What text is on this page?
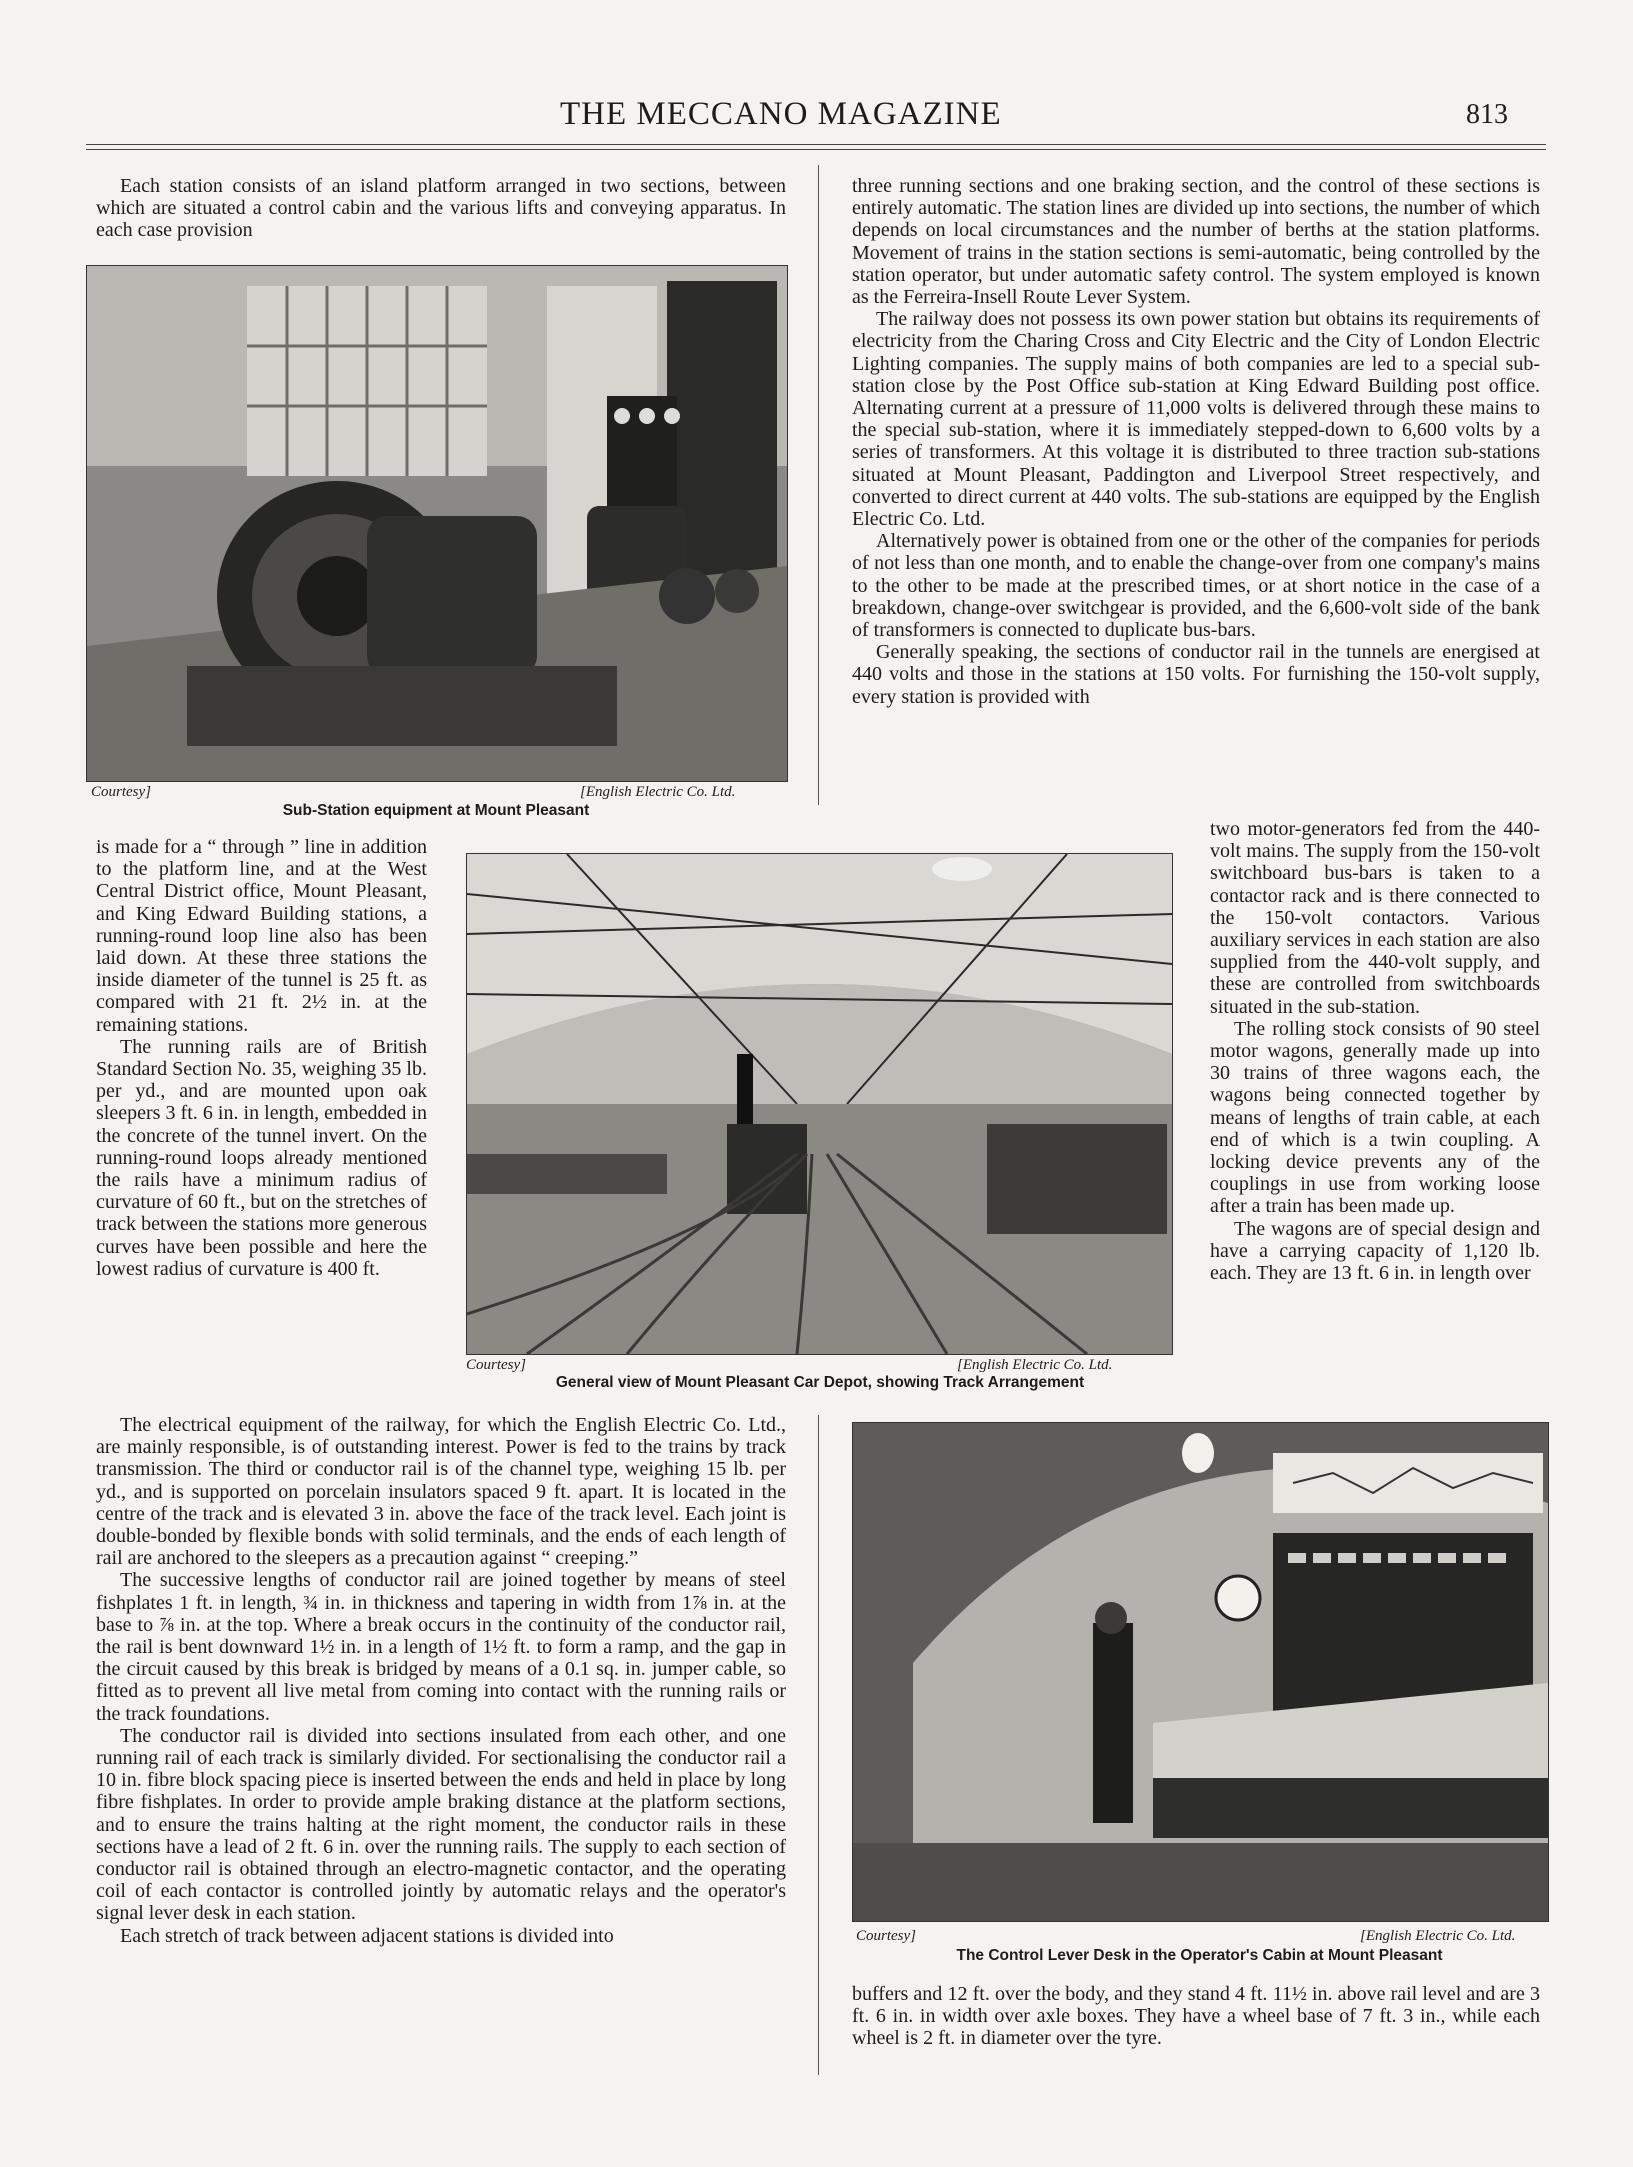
THE MECCANO MAGAZINE	813

Each station consists of an island platform arranged in two sections, between which are situated a control cabin and the various lifts and conveying apparatus. In each case provision

Courtesy]	[English Electric Co. Ltd.
Sub-Station equipment at Mount Pleasant

is made for a “ through ” line in addition to the platform line, and at the West Central District office, Mount Pleasant, and King Edward Building stations, a running-round loop line also has been laid down. At these three stations the inside diameter of the tunnel is 25 ft. as compared with 21 ft. 2½ in. at the remaining stations.

The running rails are of British Standard Section No. 35, weighing 35 lb. per yd., and are mounted upon oak sleepers 3 ft. 6 in. in length, embedded in the concrete of the tunnel invert. On the running-round loops already mentioned the rails have a minimum radius of curvature of 60 ft., but on the stretches of track between the stations more generous curves have been possible and here the lowest radius of curvature is 400 ft.

Courtesy]	[English Electric Co. Ltd.
General view of Mount Pleasant Car Depot, showing Track Arrangement

The electrical equipment of the railway, for which the English Electric Co. Ltd., are mainly responsible, is of outstanding interest. Power is fed to the trains by track transmission. The third or conductor rail is of the channel type, weighing 15 lb. per yd., and is supported on porcelain insulators spaced 9 ft. apart. It is located in the centre of the track and is elevated 3 in. above the face of the track level. Each joint is double-bonded by flexible bonds with solid terminals, and the ends of each length of rail are anchored to the sleepers as a precaution against “ creeping.”

The successive lengths of conductor rail are joined together by means of steel fishplates 1 ft. in length, ¾ in. in thickness and tapering in width from 1⅞ in. at the base to ⅞ in. at the top. Where a break occurs in the continuity of the conductor rail, the rail is bent downward 1½ in. in a length of 1½ ft. to form a ramp, and the gap in the circuit caused by this break is bridged by means of a 0.1 sq. in. jumper cable, so fitted as to prevent all live metal from coming into contact with the running rails or the track foundations.

The conductor rail is divided into sections insulated from each other, and one running rail of each track is similarly divided. For sectionalising the conductor rail a 10 in. fibre block spacing piece is inserted between the ends and held in place by long fibre fishplates. In order to provide ample braking distance at the platform sections, and to ensure the trains halting at the right moment, the conductor rails in these sections have a lead of 2 ft. 6 in. over the running rails. The supply to each section of conductor rail is obtained through an electro-magnetic contactor, and the operating coil of each contactor is controlled jointly by automatic relays and the operator's signal lever desk in each station.

Each stretch of track between adjacent stations is divided into

three running sections and one braking section, and the control of these sections is entirely automatic. The station lines are divided up into sections, the number of which depends on local circumstances and the number of berths at the station platforms. Movement of trains in the station sections is semi-automatic, being controlled by the station operator, but under automatic safety control. The system employed is known as the Ferreira-Insell Route Lever System.

The railway does not possess its own power station but obtains its requirements of electricity from the Charing Cross and City Electric and the City of London Electric Lighting companies. The supply mains of both companies are led to a special sub-station close by the Post Office sub-station at King Edward Building post office. Alternating current at a pressure of 11,000 volts is delivered through these mains to the special sub-station, where it is immediately stepped-down to 6,600 volts by a series of transformers. At this voltage it is distributed to three traction sub-stations situated at Mount Pleasant, Paddington and Liverpool Street respectively, and converted to direct current at 440 volts. The sub-stations are equipped by the English Electric Co. Ltd.

Alternatively power is obtained from one or the other of the companies for periods of not less than one month, and to enable the change-over from one company's mains to the other to be made at the prescribed times, or at short notice in the case of a breakdown, change-over switchgear is provided, and the 6,600-volt side of the bank of transformers is connected to duplicate bus-bars.

Generally speaking, the sections of conductor rail in the tunnels are energised at 440 volts and those in the stations at 150 volts. For furnishing the 150-volt supply, every station is provided with

two motor-generators fed from the 440-volt mains. The supply from the 150-volt switchboard bus-bars is taken to a contactor rack and is there connected to the 150-volt contactors. Various auxiliary services in each station are also supplied from the 440-volt supply, and these are controlled from switchboards situated in the sub-station.

The rolling stock consists of 90 steel motor wagons, generally made up into 30 trains of three wagons each, the wagons being connected together by means of lengths of train cable, at each end of which is a twin coupling. A locking device prevents any of the couplings in use from working loose after a train has been made up.

The wagons are of special design and have a carrying capacity of 1,120 lb. each. They are 13 ft. 6 in. in length over

Courtesy]	[English Electric Co. Ltd.
The Control Lever Desk in the Operator's Cabin at Mount Pleasant

buffers and 12 ft. over the body, and they stand 4 ft. 11½ in. above rail level and are 3 ft. 6 in. in width over axle boxes. They have a wheel base of 7 ft. 3 in., while each wheel is 2 ft. in diameter over the tyre.
